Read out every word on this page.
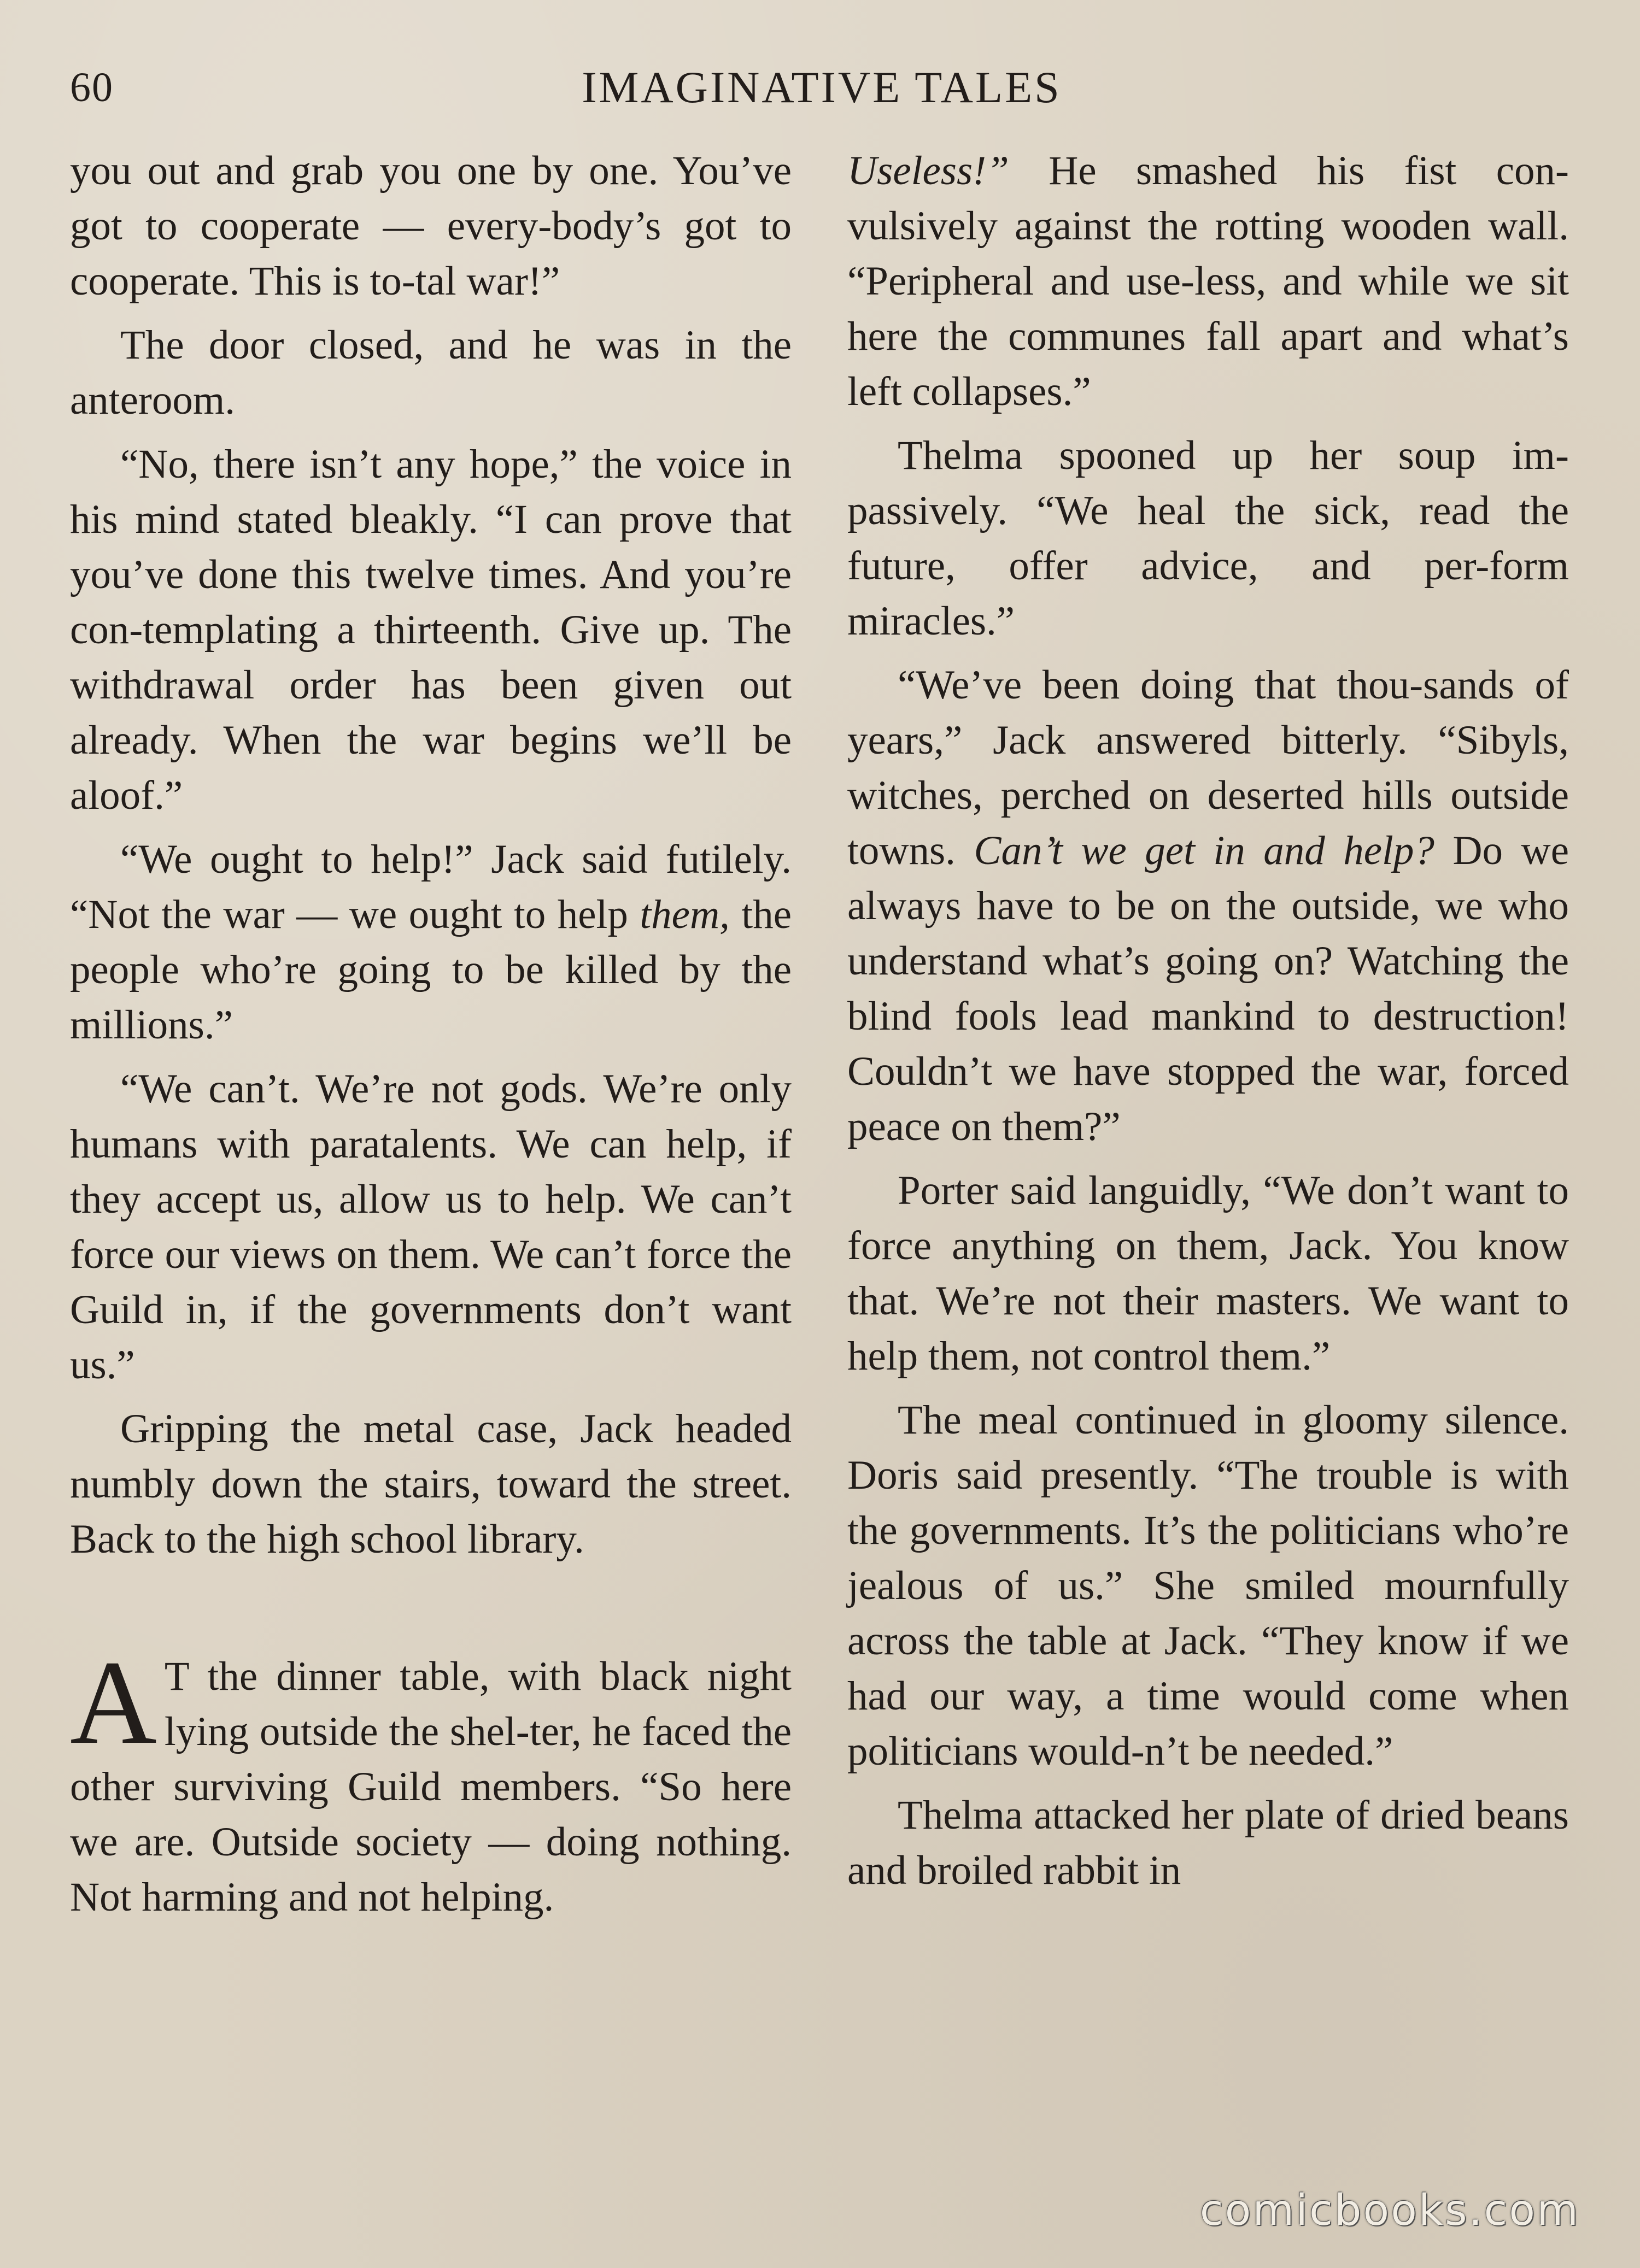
60	IMAGINATIVE TALES

you out and grab you one by one. You’ve got to cooperate — every-body’s got to cooperate. This is to-tal war!”

The door closed, and he was in the anteroom.

“No, there isn’t any hope,” the voice in his mind stated bleakly. “I can prove that you’ve done this twelve times. And you’re con-templating a thirteenth. Give up. The withdrawal order has been given out already. When the war begins we’ll be aloof.”

“We ought to help!” Jack said futilely. “Not the war — we ought to help them, the people who’re going to be killed by the millions.”

“We can’t. We’re not gods. We’re only humans with paratalents. We can help, if they accept us, allow us to help. We can’t force our views on them. We can’t force the Guild in, if the governments don’t want us.”

Gripping the metal case, Jack headed numbly down the stairs, toward the street. Back to the high school library.

A T the dinner table, with black night lying outside the shel-ter, he faced the other surviving Guild members. “So here we are. Outside society — doing nothing. Not harming and not helping.

Useless!” He smashed his fist con-vulsively against the rotting wooden wall. “Peripheral and use-less, and while we sit here the communes fall apart and what’s left collapses.”

Thelma spooned up her soup im-passively. “We heal the sick, read the future, offer advice, and per-form miracles.”

“We’ve been doing that thou-sands of years,” Jack answered bitterly. “Sibyls, witches, perched on deserted hills outside towns. Can’t we get in and help? Do we always have to be on the outside, we who understand what’s going on? Watching the blind fools lead mankind to destruction! Couldn’t we have stopped the war, forced peace on them?”

Porter said languidly, “We don’t want to force anything on them, Jack. You know that. We’re not their masters. We want to help them, not control them.”

The meal continued in gloomy silence. Doris said presently. “The trouble is with the governments. It’s the politicians who’re jealous of us.” She smiled mournfully across the table at Jack. “They know if we had our way, a time would come when politicians would-n’t be needed.”

Thelma attacked her plate of dried beans and broiled rabbit in

comicbooks.com
